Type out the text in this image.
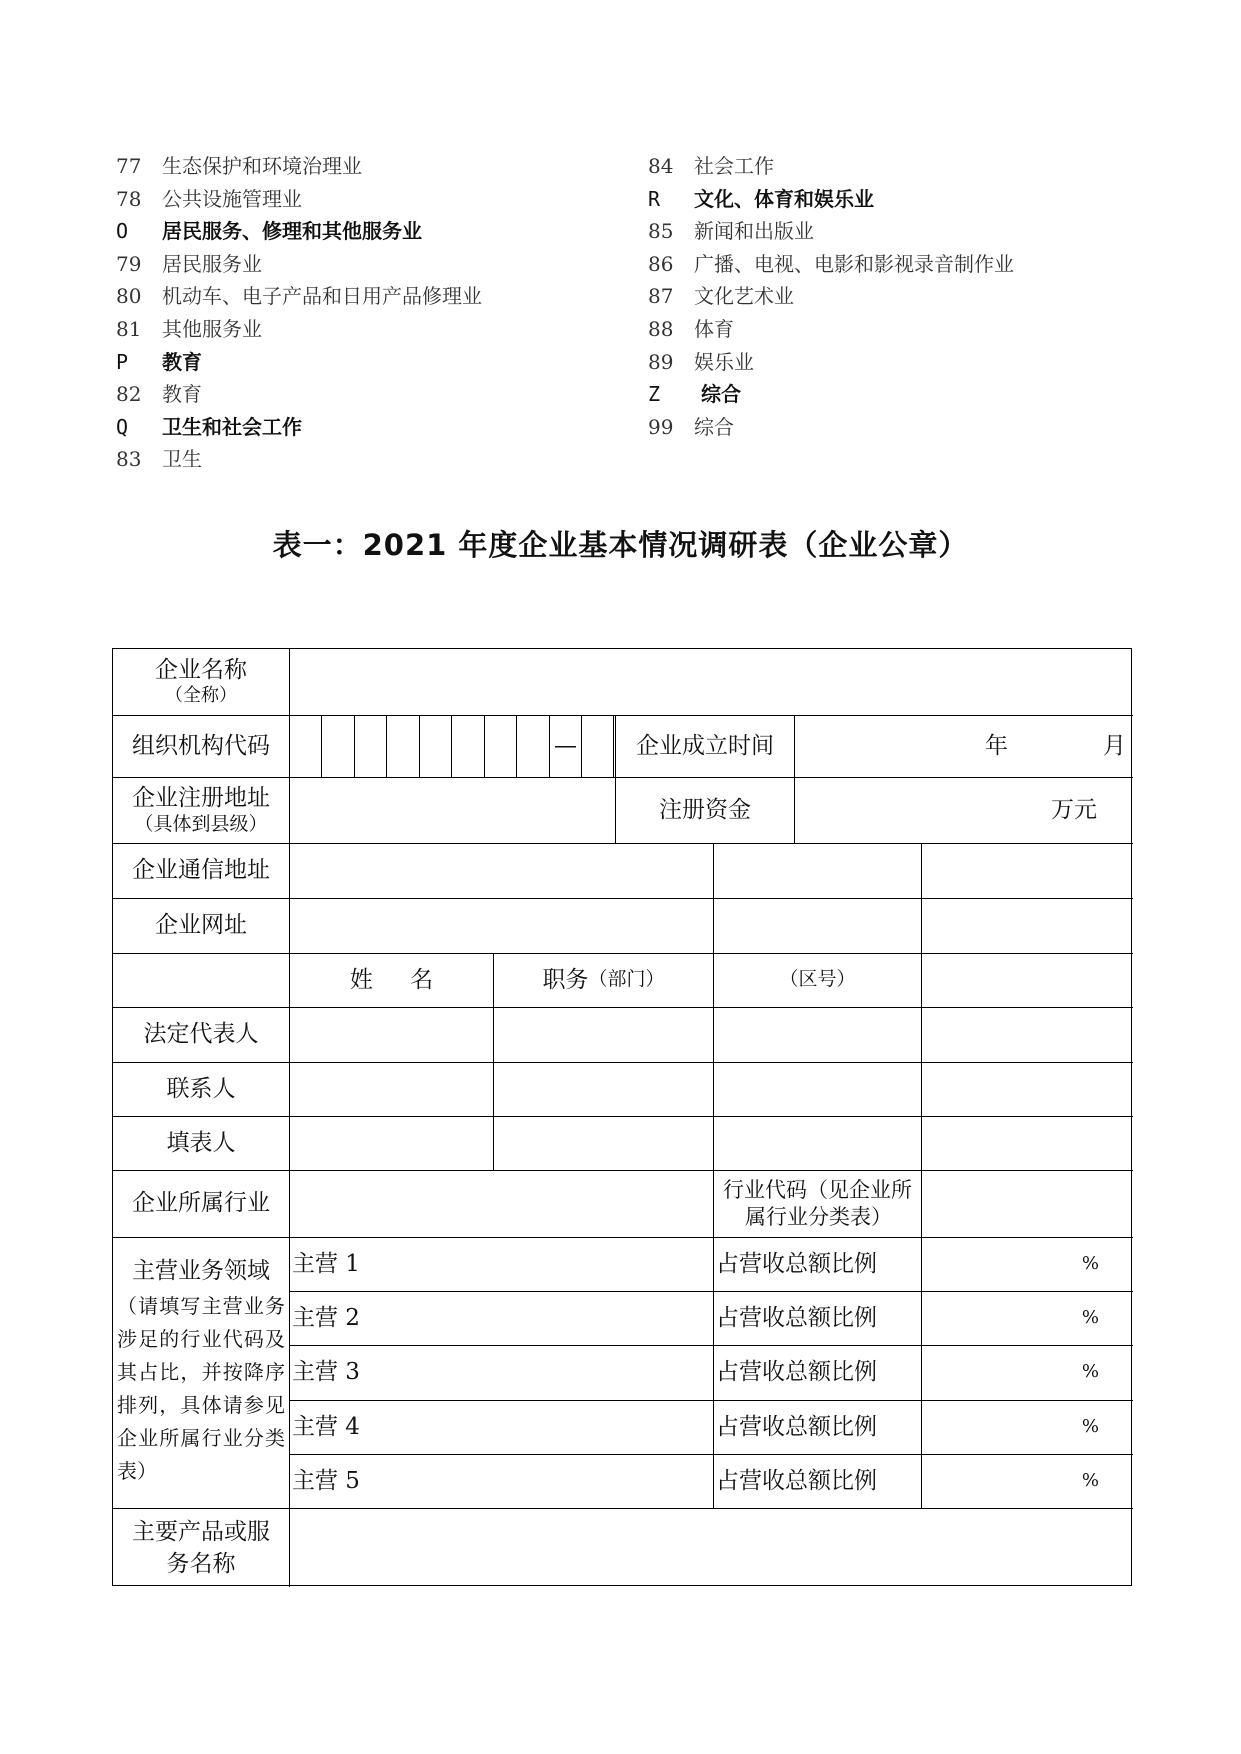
77 生态保护和环境治理业
78 公共设施管理业
O 居民服务、修理和其他服务业
79 居民服务业
80 机动车、电子产品和日用产品修理业
81 其他服务业
P 教育
82 教育
Q 卫生和社会工作
83 卫生
84 社会工作
R 文化、体育和娱乐业
85 新闻和出版业
86 广播、电视、电影和影视录音制作业
87 文化艺术业
88 体育
89 娱乐业
Z 综合
99 综合
表一：2021 年度企业基本情况调研表（企业公章）
企业名称
（全称）
组织机构代码	—	企业成立时间	年	月
企业注册地址
（具体到县级）
注册资金	万元
企业通信地址
企业网址
姓 名	职务 （部门）	（区号）
法定代表人
联系人
填表人
企业所属行业	行业代码（见企业所
属行业分类表）
主营业务领域
（请填写主营业务涉足的行业代码及其占比，并按降序排列，具体请参见企业所属行业分类表）
主营 1	占营收总额比例	%
主营 2	占营收总额比例	%
主营 3	占营收总额比例	%
主营 4	占营收总额比例	%
主营 5	占营收总额比例	%
主要产品或服务名称
